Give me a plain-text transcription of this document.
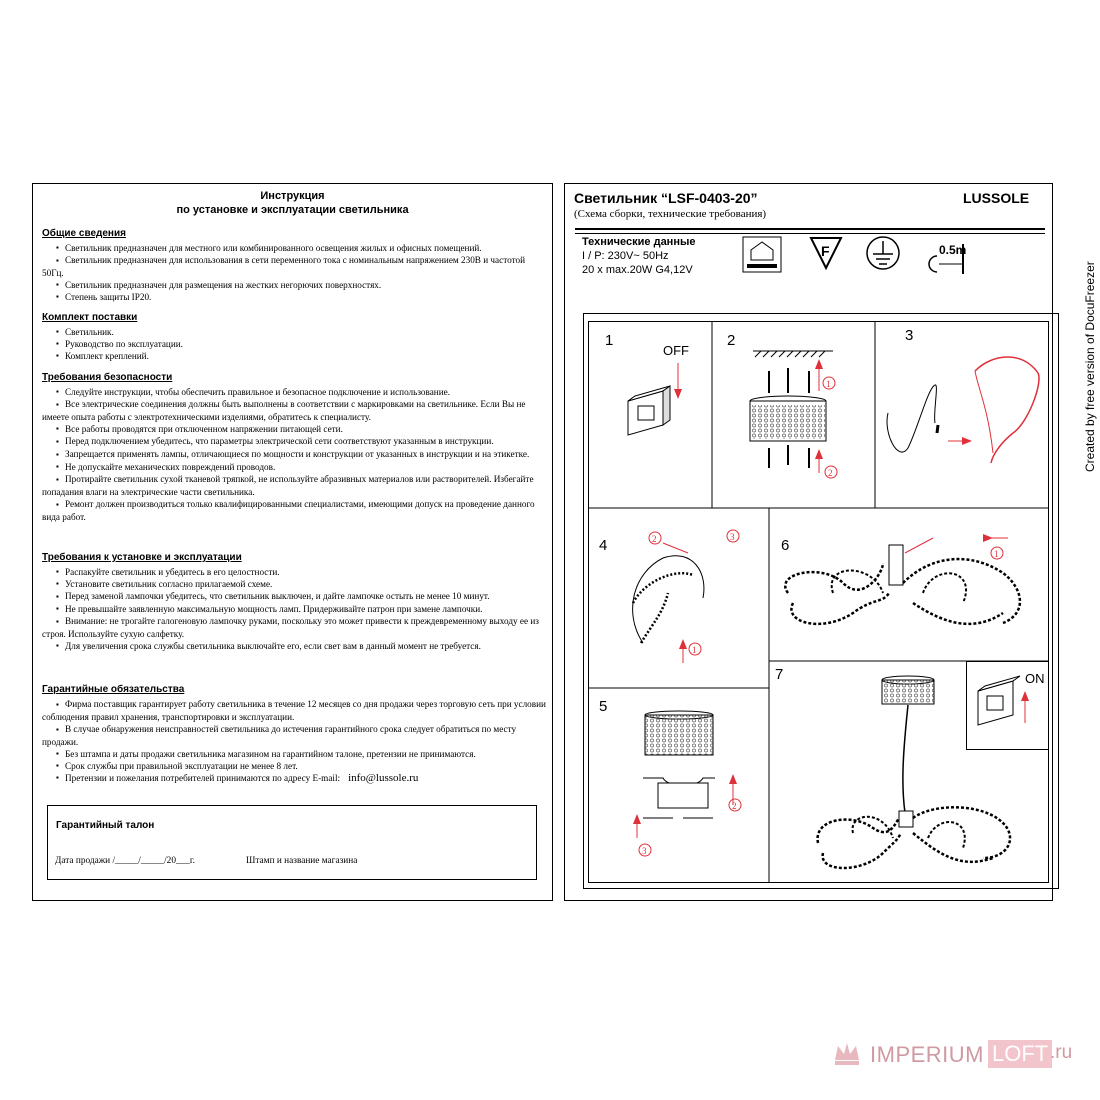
Инструкция
по установке и эксплуатации светильника
Общие сведения
▪ Светильник предназначен для местного или комбинированного освещения жилых и офисных помещений.
▪ Светильник предназначен для использования в сети переменного тока с номинальным напряжением 230В и частотой 50Гц.
▪ Светильник предназначен для размещения на жестких негорючих поверхностях.
▪ Степень защиты IP20.
Комплект поставки
▪ Светильник.
▪ Руководство по эксплуатации.
▪ Комплект креплений.
Требования безопасности
▪ Следуйте инструкции, чтобы обеспечить правильное и безопасное подключение и использование.
▪ Все электрические соединения должны быть выполнены в соответствии с маркировками на светильнике. Если Вы не имеете опыта работы с электротехническими изделиями, обратитесь к специалисту.
▪ Все работы проводятся при отключенном напряжении питающей сети.
▪ Перед подключением убедитесь, что параметры электрической сети соответствуют указанным в инструкции.
▪ Запрещается применять лампы, отличающиеся по мощности и конструкции от указанных в инструкции и на этикетке.
▪ Не допускайте механических повреждений проводов.
▪ Протирайте светильник сухой тканевой тряпкой, не используйте абразивных материалов или растворителей. Избегайте попадания влаги на электрические части светильника.
▪ Ремонт должен производиться только квалифицированными специалистами, имеющими допуск на проведение данного вида работ.
Требования к установке и эксплуатации
▪ Распакуйте светильник и убедитесь в его целостности.
▪ Установите светильник согласно прилагаемой схеме.
▪ Перед заменой лампочки убедитесь, что светильник выключен, и дайте лампочке остыть не менее 10 минут.
▪ Не превышайте заявленную максимальную мощность ламп. Придерживайте патрон при замене лампочки.
▪ Внимание: не трогайте галогеновую лампочку руками, поскольку это может привести к преждевременному выходу ее из строя. Используйте сухую салфетку.
▪ Для увеличения срока службы светильника выключайте его, если свет вам в данный момент не требуется.
Гарантийные обязательства
▪ Фирма поставщик гарантирует работу светильника в течение 12 месяцев со дня продажи через торговую сеть при условии соблюдения правил хранения, транспортировки и эксплуатации.
▪ В случае обнаружения неисправностей светильника до истечения гарантийного срока следует обратиться по месту продажи.
▪ Без штампа и даты продажи светильника магазином на гарантийном талоне, претензии не принимаются.
▪ Срок службы при правильной эксплуатации не менее 8 лет.
▪ Претензии и пожелания потребителей принимаются по адресу E-mail: info@lussole.ru
Гарантийный талон
Дата продажи /_____/_____/20___г.	Штамп и название магазина
Светильник “LSF-0403-20”	LUSSOLE
(Схема сборки, технические требования)
Технические данные
I / P: 230V~ 50Hz
20 x max.20W G4,12V
F	0.5m
1	2	3
4	6
5
7
OFF
1
2
2	3
1
1
2
3
ON
Created by free version of DocuFreezer
IMPERIUM LOFT .ru
